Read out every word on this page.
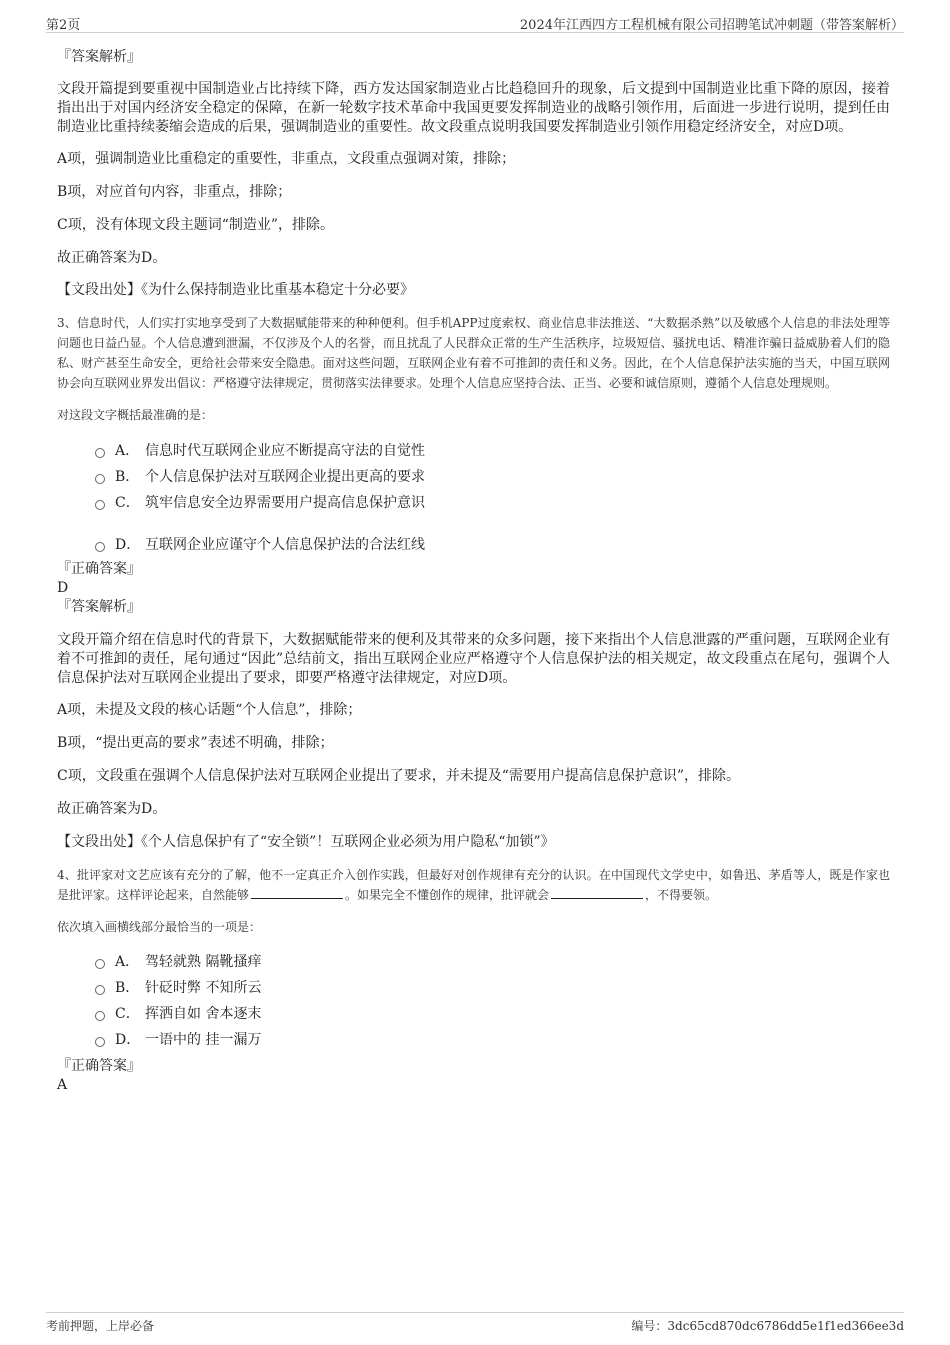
第2页	2024年江西四方工程机械有限公司招聘笔试冲刺题（带答案解析）

『答案解析』

文段开篇提到要重视中国制造业占比持续下降，西方发达国家制造业占比趋稳回升的现象，后文提到中国制造业比重下降的原因，接着指出出于对国内经济安全稳定的保障，在新一轮数字技术革命中我国更要发挥制造业的战略引领作用，后面进一步进行说明，提到任由制造业比重持续萎缩会造成的后果，强调制造业的重要性。故文段重点说明我国要发挥制造业引领作用稳定经济安全，对应D项。

A项，强调制造业比重稳定的重要性，非重点，文段重点强调对策，排除；

B项，对应首句内容，非重点，排除；

C项，没有体现文段主题词“制造业”，排除。

故正确答案为D。

【文段出处】《为什么保持制造业比重基本稳定十分必要》

3、信息时代，人们实打实地享受到了大数据赋能带来的种种便利。但手机APP过度索权、商业信息非法推送、“大数据杀熟”以及敏感个人信息的非法处理等问题也日益凸显。个人信息遭到泄漏，不仅涉及个人的名誉，而且扰乱了人民群众正常的生产生活秩序，垃圾短信、骚扰电话、精准诈骗日益威胁着人们的隐私、财产甚至生命安全，更给社会带来安全隐患。面对这些问题，互联网企业有着不可推卸的责任和义务。因此，在个人信息保护法实施的当天，中国互联网协会向互联网业界发出倡议：严格遵守法律规定，贯彻落实法律要求。处理个人信息应坚持合法、正当、必要和诚信原则，遵循个人信息处理规则。

对这段文字概括最准确的是：

A． 信息时代互联网企业应不断提高守法的自觉性
B． 个人信息保护法对互联网企业提出更高的要求
C． 筑牢信息安全边界需要用户提高信息保护意识
D． 互联网企业应谨守个人信息保护法的合法红线

『正确答案』

D

『答案解析』

文段开篇介绍在信息时代的背景下，大数据赋能带来的便利及其带来的众多问题，接下来指出个人信息泄露的严重问题，互联网企业有着不可推卸的责任，尾句通过“因此”总结前文，指出互联网企业应严格遵守个人信息保护法的相关规定，故文段重点在尾句，强调个人信息保护法对互联网企业提出了要求，即要严格遵守法律规定，对应D项。

A项，未提及文段的核心话题“个人信息”，排除；

B项，“提出更高的要求”表述不明确，排除；

C项，文段重在强调个人信息保护法对互联网企业提出了要求，并未提及“需要用户提高信息保护意识”，排除。

故正确答案为D。

【文段出处】《个人信息保护有了“安全锁”！互联网企业必须为用户隐私“加锁”》

4、批评家对文艺应该有充分的了解，他不一定真正介入创作实践，但最好对创作规律有充分的认识。在中国现代文学史中，如鲁迅、茅盾等人，既是作家也是批评家。这样评论起来，自然能够	。如果完全不懂创作的规律，批评就会	，不得要领。

依次填入画横线部分最恰当的一项是：

A． 驾轻就熟 隔靴搔痒
B． 针砭时弊 不知所云
C． 挥洒自如 舍本逐末
D． 一语中的 挂一漏万

『正确答案』

A

考前押题，上岸必备	编号：3dc65cd870dc6786dd5e1f1ed366ee3d
